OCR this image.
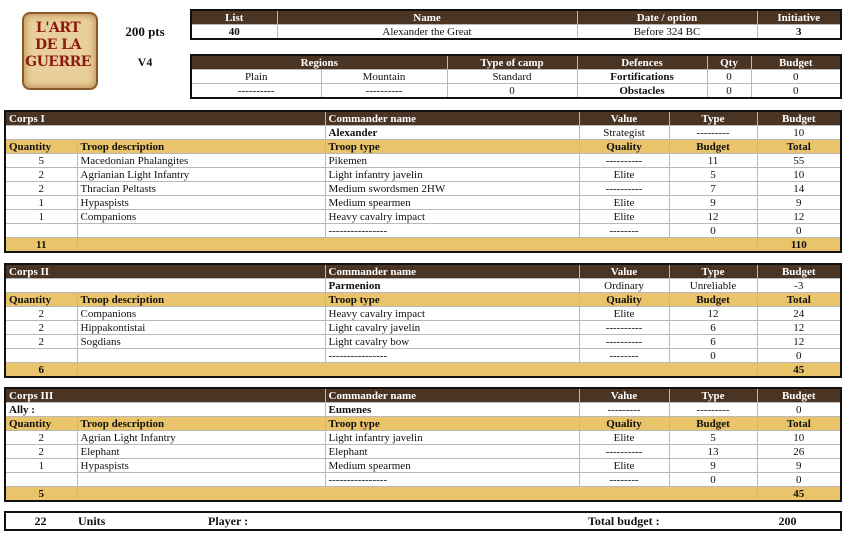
L'ART
DE LA
GUERRE
200 pts
V4
List	Name	Date / option	Initiative
40	Alexander the Great	Before 324 BC	3
Regions		Type of camp	Defences	Qty	Budget
Plain	Mountain	Standard	Fortifications	0	0
----------	----------	0	Obstacles	0	0
Corps I		Commander name	Value	Type	Budget
		Alexander	Strategist	---------	10
Quantity	Troop description	Troop type	Quality	Budget	Total
5	Macedonian Phalangites	Pikemen	----------	11	55
2	Agrianian Light Infantry	Light infantry javelin	Elite	5	10
2	Thracian Peltasts	Medium swordsmen 2HW	----------	7	14
1	Hypaspists	Medium spearmen	Elite	9	9
1	Companions	Heavy cavalry impact	Elite	12	12
		----------------	--------	0	0
11					110
Corps II		Commander name	Value	Type	Budget
		Parmenion	Ordinary	Unreliable	-3
Quantity	Troop description	Troop type	Quality	Budget	Total
2	Companions	Heavy cavalry impact	Elite	12	24
2	Hippakontistai	Light cavalry javelin	----------	6	12
2	Sogdians	Light cavalry bow	----------	6	12
		----------------	--------	0	0
6					45
Corps III		Commander name	Value	Type	Budget
Ally :		Eumenes	---------	---------	0
Quantity	Troop description	Troop type	Quality	Budget	Total
2	Agrian Light Infantry	Light infantry javelin	Elite	5	10
2	Elephant	Elephant	----------	13	26
1	Hypaspists	Medium spearmen	Elite	9	9
		----------------	--------	0	0
5					45
22	Units	Player :	Total budget :	200
